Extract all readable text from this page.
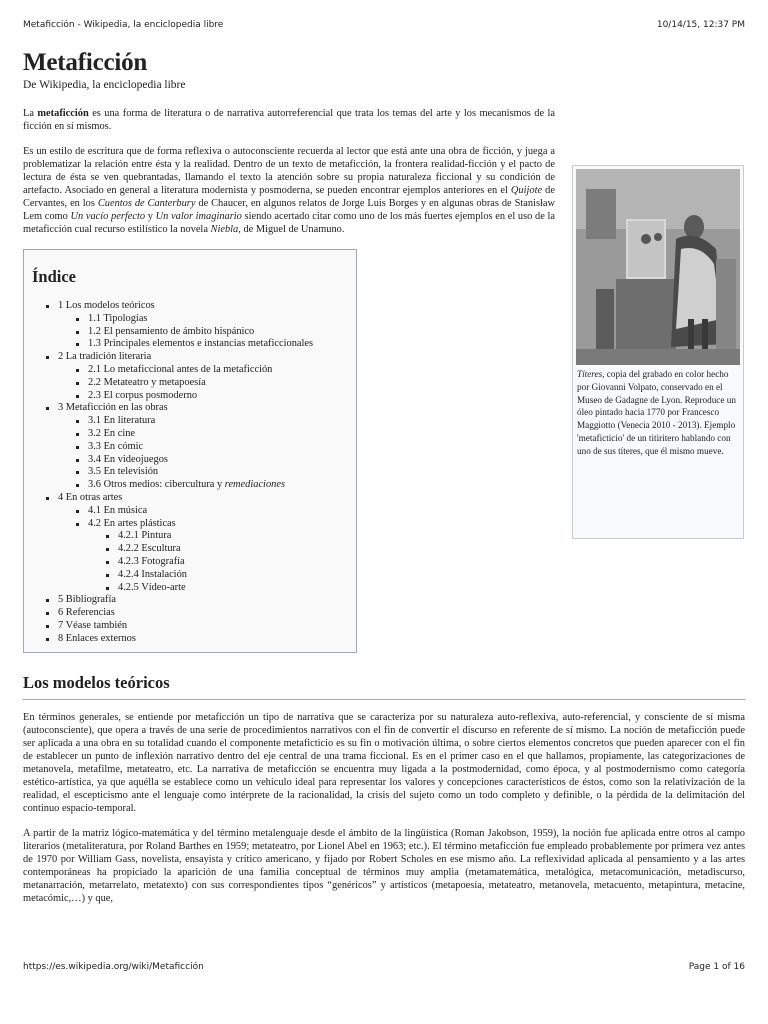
Metaficción - Wikipedia, la enciclopedia libre	10/14/15, 12:37 PM
Metaficción
De Wikipedia, la enciclopedia libre

La metaficción es una forma de literatura o de narrativa autorreferencial que trata los temas del arte y los mecanismos de la ficción en sí mismos.

Es un estilo de escritura que de forma reflexiva o autoconsciente recuerda al lector que está ante una obra de ficción, y juega a problematizar la relación entre ésta y la realidad. Dentro de un texto de metaficción, la frontera realidad-ficción y el pacto de lectura de ésta se ven quebrantadas, llamando el texto la atención sobre su propia naturaleza ficcional y su condición de artefacto. Asociado en general a literatura modernista y posmoderna, se pueden encontrar ejemplos anteriores en el Quijote de Cervantes, en los Cuentos de Canterbury de Chaucer, en algunos relatos de Jorge Luis Borges y en algunas obras de Stanisław Lem como Un vacío perfecto y Un valor imaginario siendo acertado citar como uno de los más fuertes ejemplos en el uso de la metaficción cual recurso estilístico la novela Niebla, de Miguel de Unamuno.

Títeres, copia del grabado en color hecho por Giovanni Volpato, conservado en el Museo de Gadagne de Lyon. Reproduce un óleo pintado hacia 1770 por Francesco Maggiotto (Venecia 2010 - 2013). Ejemplo 'metaficticio' de un titiritero hablando con uno de sus títeres, que él mismo mueve.
Índice
1 Los modelos teóricos
1.1 Tipologías
1.2 El pensamiento de ámbito hispánico
1.3 Principales elementos e instancias metaficcionales
2 La tradición literaria
2.1 Lo metaficcional antes de la metaficción
2.2 Metateatro y metapoesía
2.3 El corpus posmoderno
3 Metaficción en las obras
3.1 En literatura
3.2 En cine
3.3 En cómic
3.4 En videojuegos
3.5 En televisión
3.6 Otros medios: cibercultura y remediaciones
4 En otras artes
4.1 En música
4.2 En artes plásticas
4.2.1 Pintura
4.2.2 Escultura
4.2.3 Fotografía
4.2.4 Instalación
4.2.5 Vídeo-arte
5 Bibliografía
6 Referencias
7 Véase también
8 Enlaces externos
Los modelos teóricos

En términos generales, se entiende por metaficción un tipo de narrativa que se caracteriza por su naturaleza auto-reflexiva, auto-referencial, y consciente de sí misma (autoconsciente), que opera a través de una serie de procedimientos narrativos con el fin de convertir el discurso en referente de sí mismo. La noción de metaficción puede ser aplicada a una obra en su totalidad cuando el componente metaficticio es su fin o motivación última, o sobre ciertos elementos concretos que pueden aparecer con el fin de establecer un punto de inflexión narrativo dentro del eje central de una trama ficcional. Es en el primer caso en el que hallamos, propiamente, las categorizaciones de metanovela, metafilme, metateatro, etc. La narrativa de metaficción se encuentra muy ligada a la postmodernidad, como época, y al postmodernismo como categoría estético-artística, ya que aquélla se establece como un vehículo ideal para representar los valores y concepciones característicos de éstos, como son la relativización de la realidad, el escepticismo ante el lenguaje como intérprete de la racionalidad, la crisis del sujeto como un todo completo y definible, o la pérdida de la delimitación del continuo espacio-temporal.

A partir de la matriz lógico-matemática y del término metalenguaje desde el ámbito de la lingüística (Roman Jakobson, 1959), la noción fue aplicada entre otros al campo literarios (metaliteratura, por Roland Barthes en 1959; metateatro, por Lionel Abel en 1963; etc.). El término metaficción fue empleado probablemente por primera vez antes de 1970 por William Gass, novelista, ensayista y crítico americano, y fijado por Robert Scholes en ese mismo año. La reflexividad aplicada al pensamiento y a las artes contemporáneas ha propiciado la aparición de una familia conceptual de términos muy amplia (metamatemática, metalógica, metacomunicación, metadiscurso, metanarración, metarrelato, metatexto) con sus correspondientes tipos “genéricos” y artísticos (metapoesía, metateatro, metanovela, metacuento, metapintura, metacine, metacómic,…) y que,

https://es.wikipedia.org/wiki/Metaficción	Page 1 of 16
